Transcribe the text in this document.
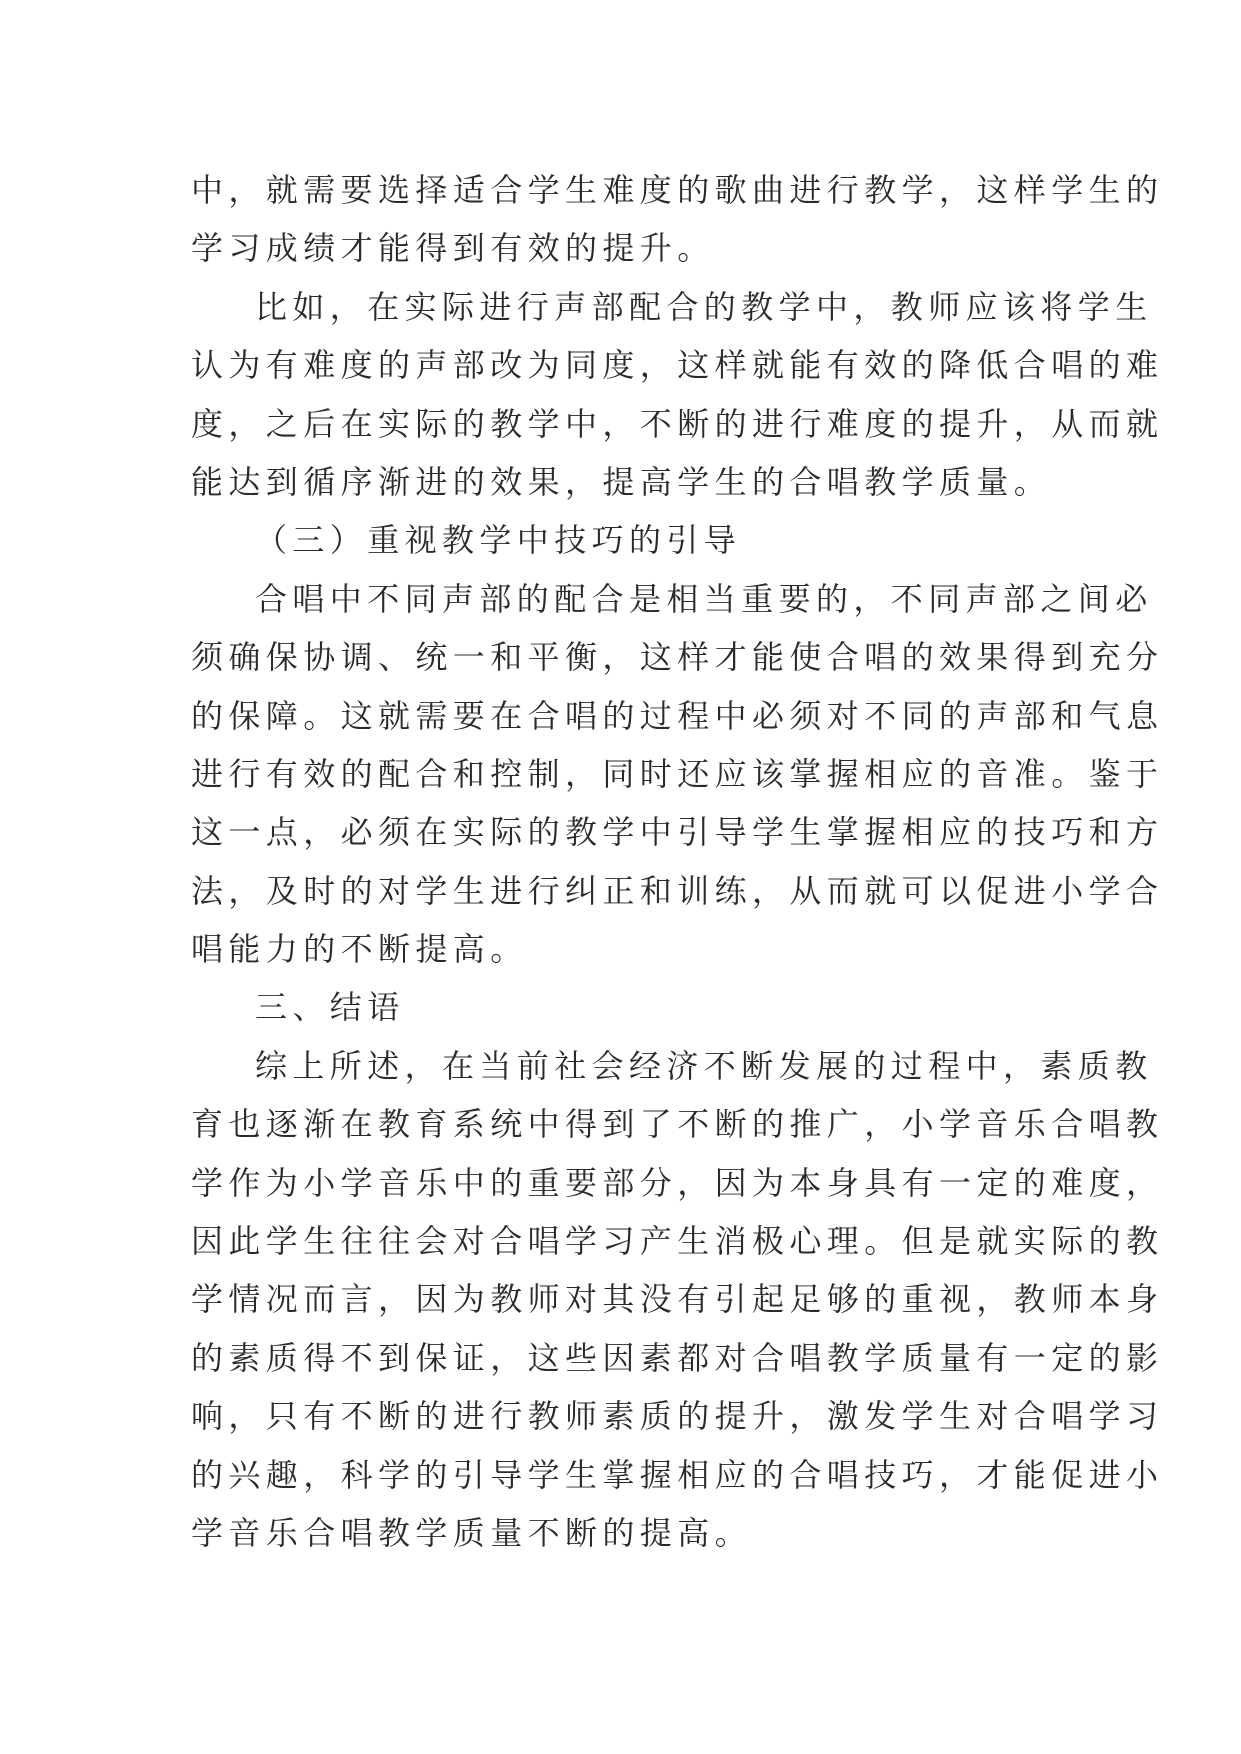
中，就需要选择适合学生难度的歌曲进行教学，这样学生的
学习成绩才能得到有效的提升。
比如，在实际进行声部配合的教学中，教师应该将学生
认为有难度的声部改为同度，这样就能有效的降低合唱的难
度，之后在实际的教学中，不断的进行难度的提升，从而就
能达到循序渐进的效果，提高学生的合唱教学质量。
（三）重视教学中技巧的引导
合唱中不同声部的配合是相当重要的，不同声部之间必
须确保协调、统一和平衡，这样才能使合唱的效果得到充分
的保障。这就需要在合唱的过程中必须对不同的声部和气息
进行有效的配合和控制，同时还应该掌握相应的音准。鉴于
这一点，必须在实际的教学中引导学生掌握相应的技巧和方
法，及时的对学生进行纠正和训练，从而就可以促进小学合
唱能力的不断提高。
三、结语
综上所述，在当前社会经济不断发展的过程中，素质教
育也逐渐在教育系统中得到了不断的推广，小学音乐合唱教
学作为小学音乐中的重要部分，因为本身具有一定的难度，
因此学生往往会对合唱学习产生消极心理。但是就实际的教
学情况而言，因为教师对其没有引起足够的重视，教师本身
的素质得不到保证，这些因素都对合唱教学质量有一定的影
响，只有不断的进行教师素质的提升，激发学生对合唱学习
的兴趣，科学的引导学生掌握相应的合唱技巧，才能促进小
学音乐合唱教学质量不断的提高。
